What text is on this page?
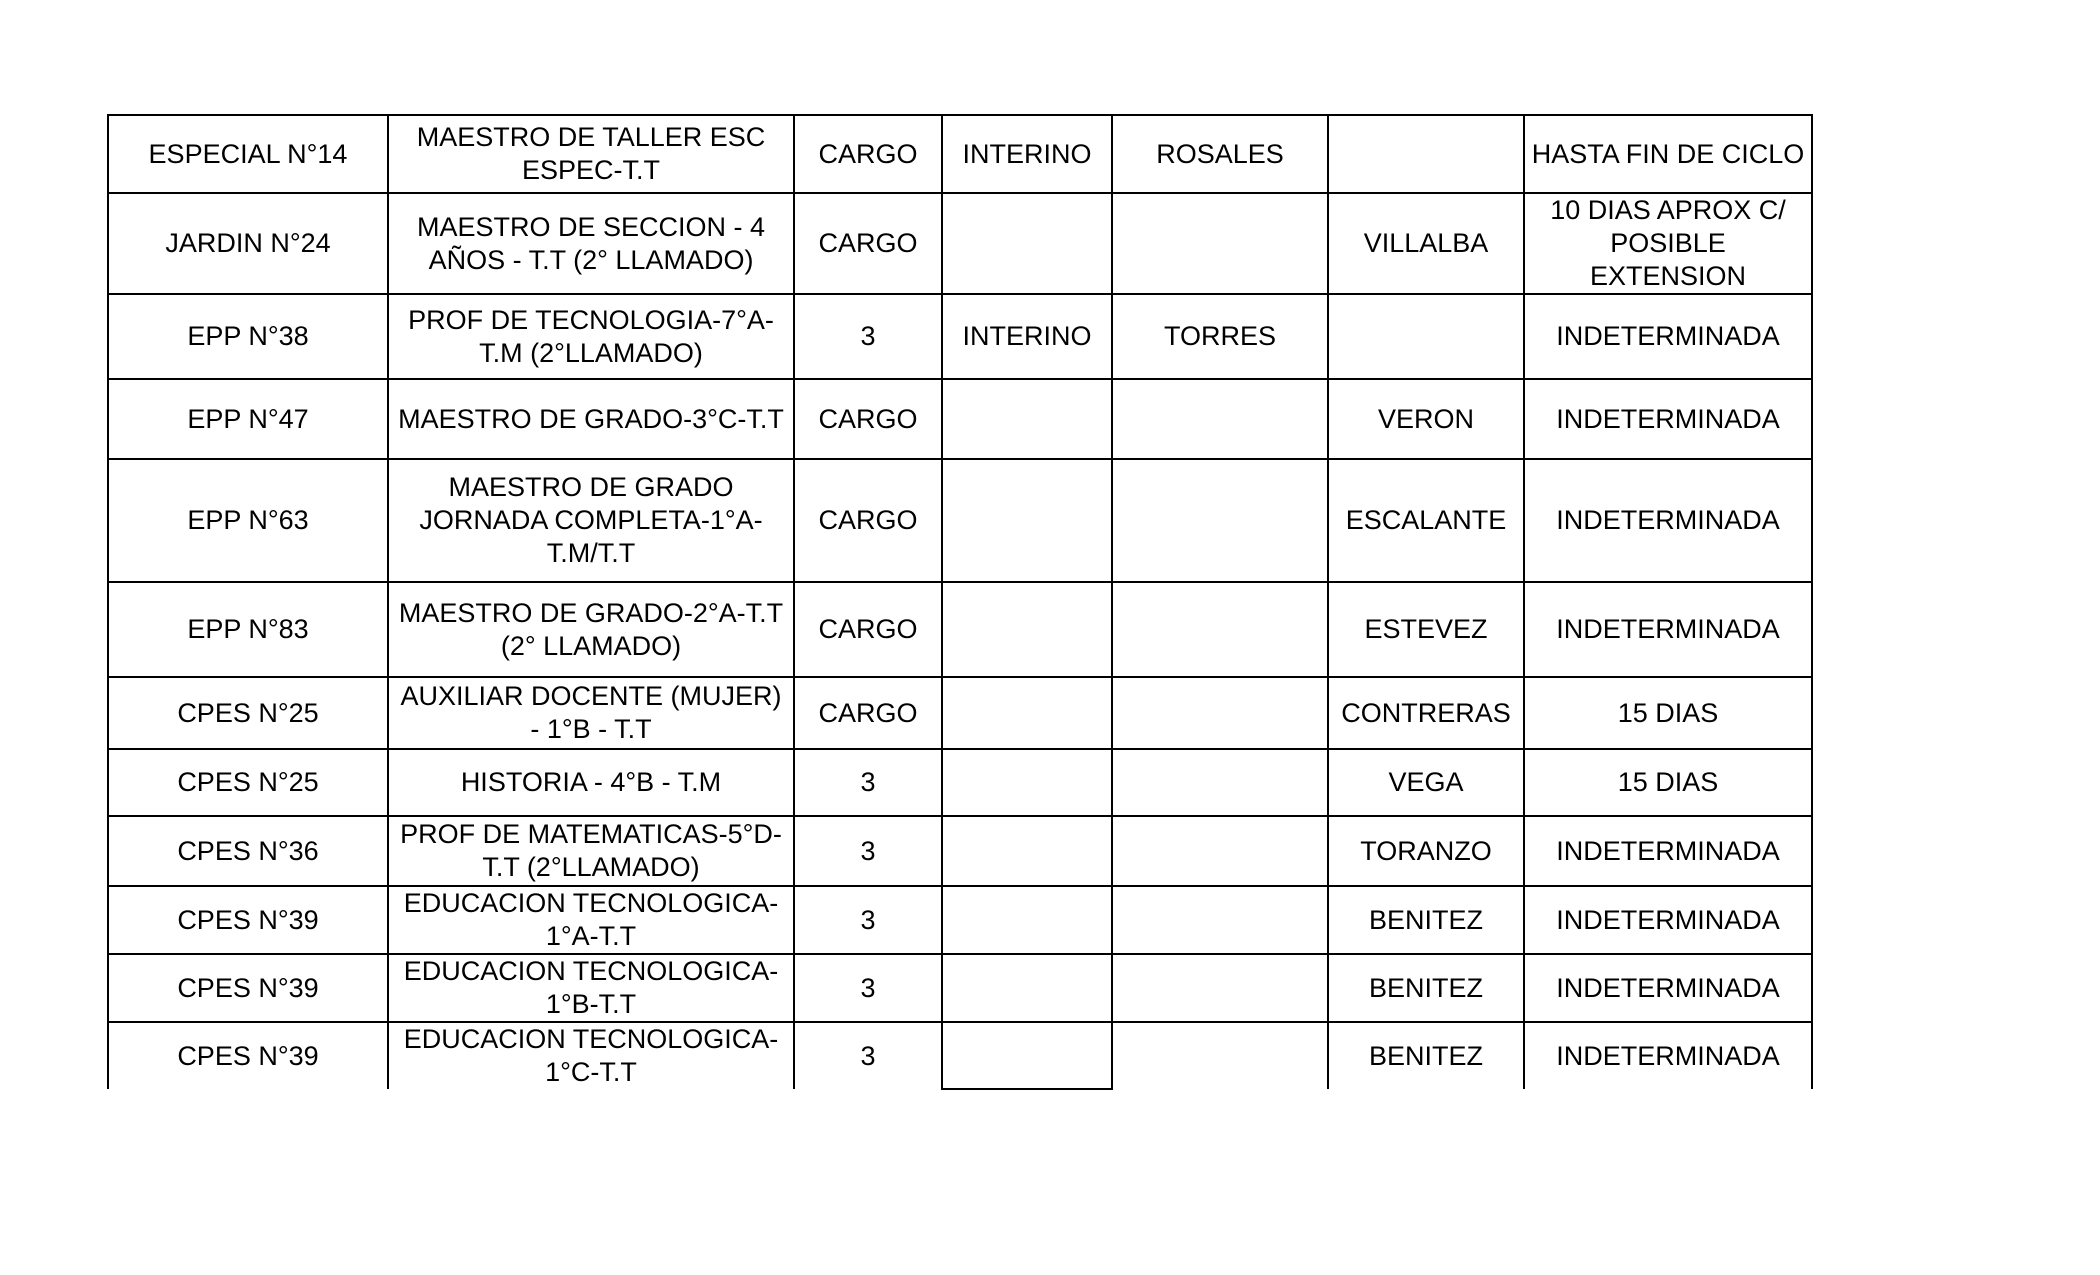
ESPECIAL N°14	MAESTRO DE TALLER ESC ESPEC-T.T	CARGO	INTERINO	ROSALES		HASTA FIN DE CICLO
JARDIN N°24	MAESTRO DE SECCION - 4 AÑOS - T.T (2° LLAMADO)	CARGO			VILLALBA	10 DIAS APROX C/ POSIBLE EXTENSION
EPP N°38	PROF DE TECNOLOGIA-7°A-T.M (2°LLAMADO)	3	INTERINO	TORRES		INDETERMINADA
EPP N°47	MAESTRO DE GRADO-3°C-T.T	CARGO			VERON	INDETERMINADA
EPP N°63	MAESTRO DE GRADO JORNADA COMPLETA-1°A-T.M/T.T	CARGO			ESCALANTE	INDETERMINADA
EPP N°83	MAESTRO DE GRADO-2°A-T.T (2° LLAMADO)	CARGO			ESTEVEZ	INDETERMINADA
CPES N°25	AUXILIAR DOCENTE (MUJER) - 1°B - T.T	CARGO			CONTRERAS	15 DIAS
CPES N°25	HISTORIA - 4°B - T.M	3			VEGA	15 DIAS
CPES N°36	PROF DE MATEMATICAS-5°D-T.T (2°LLAMADO)	3			TORANZO	INDETERMINADA
CPES N°39	EDUCACION TECNOLOGICA-1°A-T.T	3			BENITEZ	INDETERMINADA
CPES N°39	EDUCACION TECNOLOGICA-1°B-T.T	3			BENITEZ	INDETERMINADA
CPES N°39	EDUCACION TECNOLOGICA-1°C-T.T	3			BENITEZ	INDETERMINADA
